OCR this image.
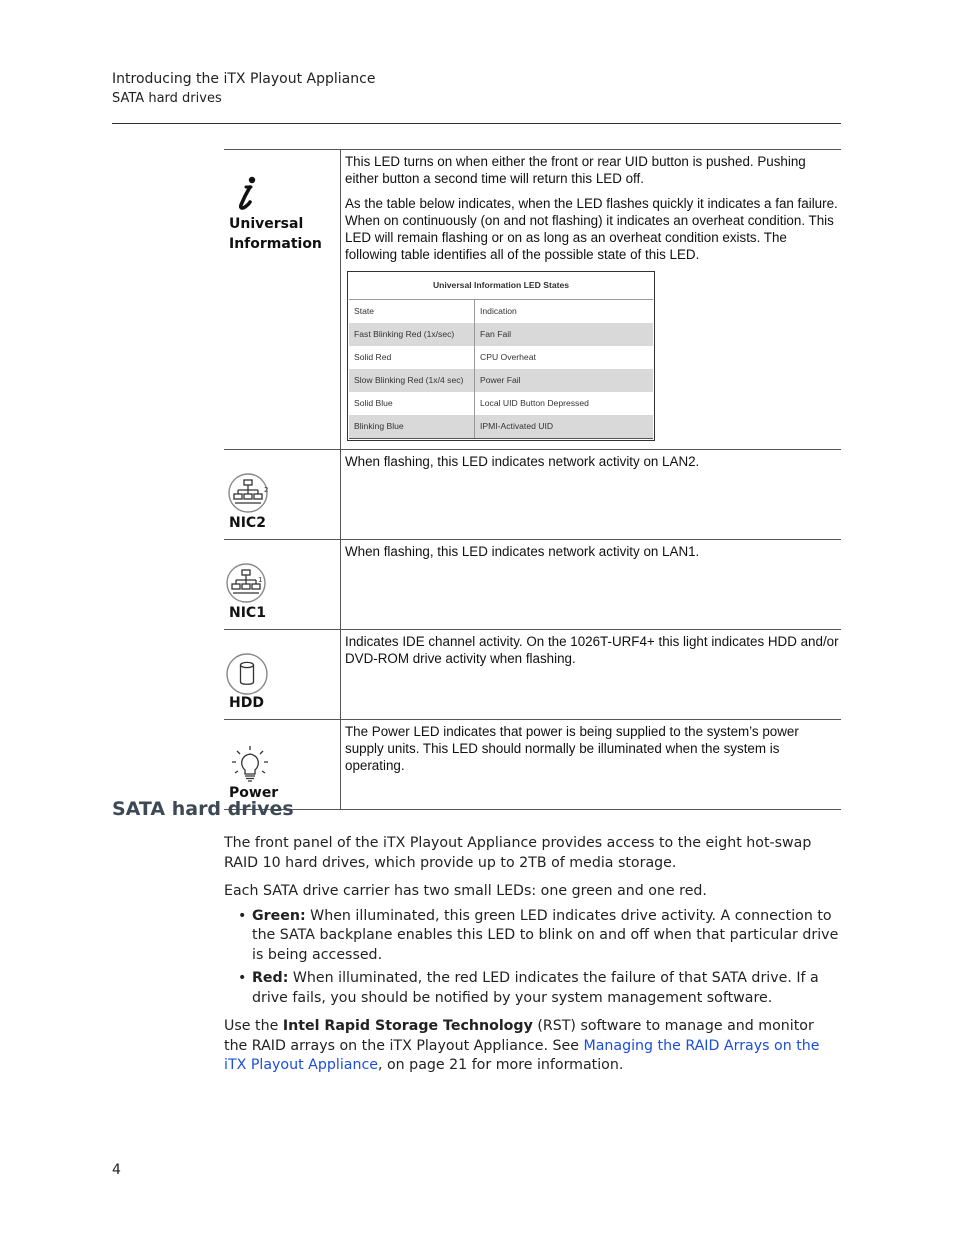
Introducing the iTX Playout Appliance
SATA hard drives
Universal
Information

This LED turns on when either the front or rear UID button is pushed. Pushing either button a second time will return this LED off.

As the table below indicates, when the LED flashes quickly it indicates a fan failure. When on continuously (on and not flashing) it indicates an overheat condition. This LED will remain flashing or on as long as an overheat condition exists. The following table identifies all of the possible state of this LED.

Universal Information LED States
State	Indication
Fast Blinking Red (1x/sec)	Fan Fail
Solid Red	CPU Overheat
Slow Blinking Red (1x/4 sec)	Power Fail
Solid Blue	Local UID Button Depressed
Blinking Blue	IPMI-Activated UID

2
NIC2
	When flashing, this LED indicates network activity on LAN2.

1
NIC1
	When flashing, this LED indicates network activity on LAN1.

HDD
	Indicates IDE channel activity. On the 1026T-URF4+ this light indicates HDD and/or DVD-ROM drive activity when flashing.

Power
	The Power LED indicates that power is being supplied to the system’s power supply units. This LED should normally be illuminated when the system is operating.
SATA hard drives

The front panel of the iTX Playout Appliance provides access to the eight hot-swap RAID 10 hard drives, which provide up to 2TB of media storage.

Each SATA drive carrier has two small LEDs: one green and one red.

• Green: When illuminated, this green LED indicates drive activity. A connection to the SATA backplane enables this LED to blink on and off when that particular drive is being accessed.
• Red: When illuminated, the red LED indicates the failure of that SATA drive. If a drive fails, you should be notified by your system management software.

Use the Intel Rapid Storage Technology (RST) software to manage and monitor the RAID arrays on the iTX Playout Appliance. See Managing the RAID Arrays on the iTX Playout Appliance, on page 21 for more information.

4
